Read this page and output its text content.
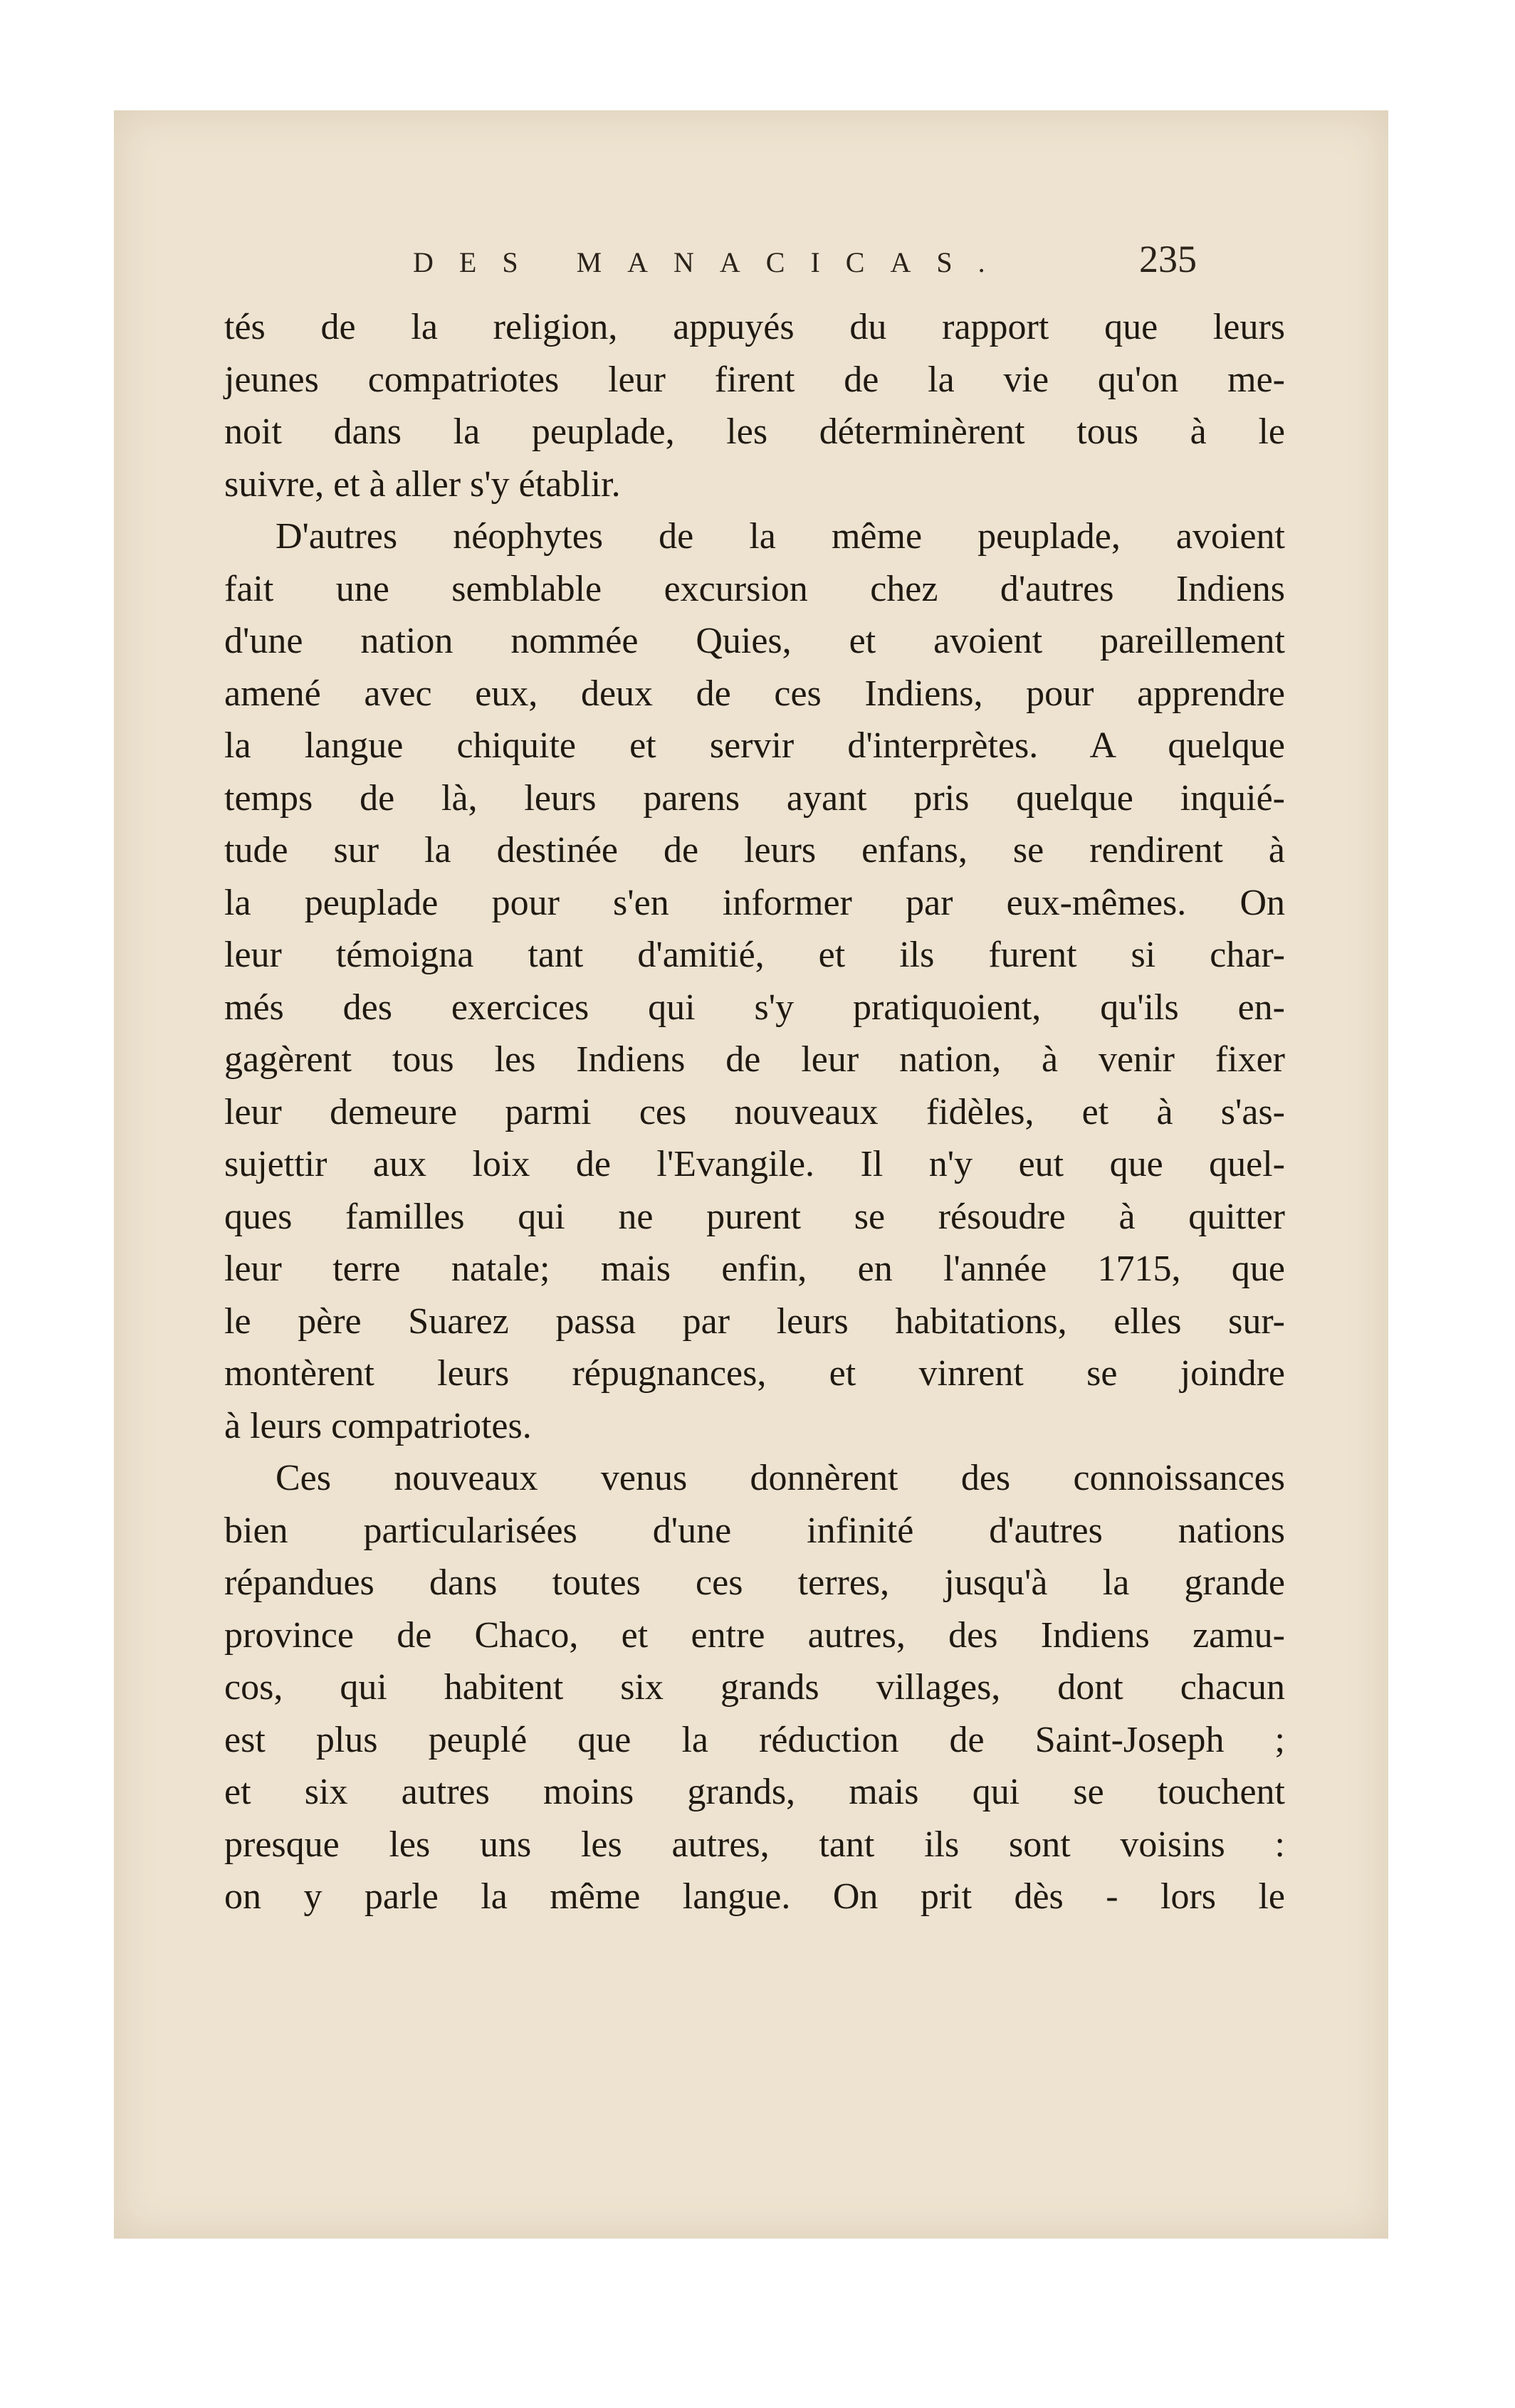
DES MANACICAS.	235
tés de la religion, appuyés du rapport que leurs
jeunes compatriotes leur firent de la vie qu'on me-
noit dans la peuplade, les déterminèrent tous à le
suivre, et à aller s'y établir.
D'autres néophytes de la même peuplade, avoient
fait une semblable excursion chez d'autres Indiens
d'une nation nommée Quies, et avoient pareillement
amené avec eux, deux de ces Indiens, pour apprendre
la langue chiquite et servir d'interprètes. A quelque
temps de là, leurs parens ayant pris quelque inquié-
tude sur la destinée de leurs enfans, se rendirent à
la peuplade pour s'en informer par eux-mêmes. On
leur témoigna tant d'amitié, et ils furent si char-
més des exercices qui s'y pratiquoient, qu'ils en-
gagèrent tous les Indiens de leur nation, à venir fixer
leur demeure parmi ces nouveaux fidèles, et à s'as-
sujettir aux loix de l'Evangile. Il n'y eut que quel-
ques familles qui ne purent se résoudre à quitter
leur terre natale; mais enfin, en l'année 1715, que
le père Suarez passa par leurs habitations, elles sur-
montèrent leurs répugnances, et vinrent se joindre
à leurs compatriotes.
Ces nouveaux venus donnèrent des connoissances
bien particularisées d'une infinité d'autres nations
répandues dans toutes ces terres, jusqu'à la grande
province de Chaco, et entre autres, des Indiens zamu-
cos, qui habitent six grands villages, dont chacun
est plus peuplé que la réduction de Saint-Joseph ;
et six autres moins grands, mais qui se touchent
presque les uns les autres, tant ils sont voisins :
on y parle la même langue. On prit dès - lors le
